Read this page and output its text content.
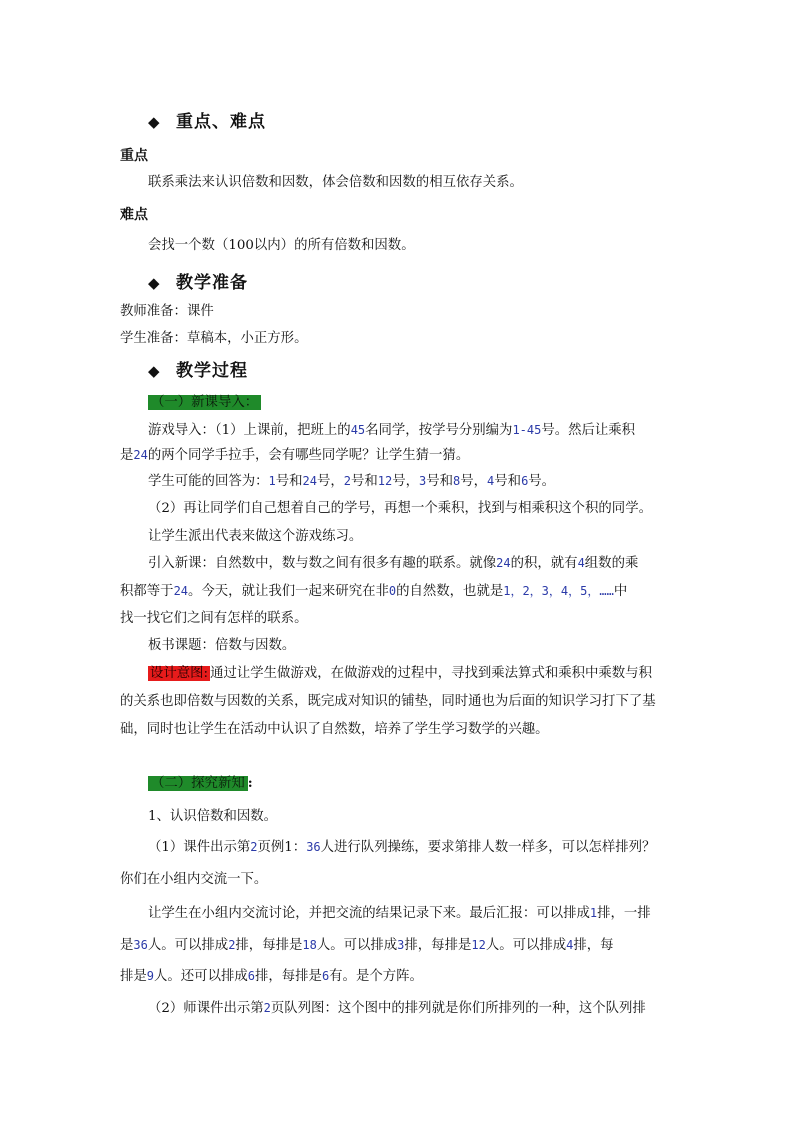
◆ 重点、难点
重点
联系乘法来认识倍数和因数，体会倍数和因数的相互依存关系。
难点
会找一个数（100以内）的所有倍数和因数。
◆ 教学准备
教师准备：课件
学生准备：草稿本，小正方形。
◆ 教学过程
（一）新课导入：
游戏导入：（1）上课前，把班上的45名同学，按学号分别编为1-45号。然后让乘积
是24的两个同学手拉手，会有哪些同学呢？让学生猜一猜。
学生可能的回答为：1号和24号，2号和12号，3号和8号，4号和6号。
（2）再让同学们自己想着自己的学号，再想一个乘积，找到与相乘积这个积的同学。
让学生派出代表来做这个游戏练习。
引入新课：自然数中，数与数之间有很多有趣的联系。就像24的积，就有4组数的乘
积都等于24。今天，就让我们一起来研究在非0的自然数，也就是1，2，3，4，5，……中
找一找它们之间有怎样的联系。
板书课题：倍数与因数。
设计意图: 通过让学生做游戏，在做游戏的过程中，寻找到乘法算式和乘积中乘数与积
的关系也即倍数与因数的关系，既完成对知识的铺垫，同时通也为后面的知识学习打下了基
础，同时也让学生在活动中认识了自然数，培养了学生学习数学的兴趣。
（二）探究新知 :
1、认识倍数和因数。
（1）课件出示第2页例1：36人进行队列操练，要求第排人数一样多，可以怎样排列？
你们在小组内交流一下。
让学生在小组内交流讨论，并把交流的结果记录下来。最后汇报：可以排成1排，一排
是36人。可以排成2排，每排是18人。可以排成3排，每排是12人。可以排成4排，每
排是9人。还可以排成6排，每排是6有。是个方阵。
（2）师课件出示第2页队列图：这个图中的排列就是你们所排列的一种，这个队列排
